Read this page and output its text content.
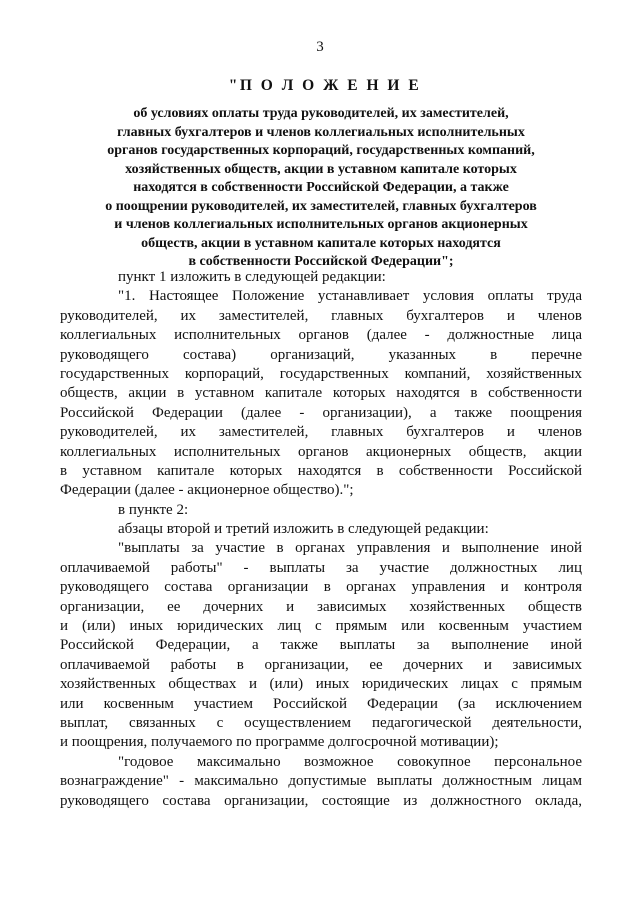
3
"П О Л О Ж Е Н И Е
об условиях оплаты труда руководителей, их заместителей,
главных бухгалтеров и членов коллегиальных исполнительных
органов государственных корпораций, государственных компаний,
хозяйственных обществ, акции в уставном капитале которых
находятся в собственности Российской Федерации, а также
о поощрении руководителей, их заместителей, главных бухгалтеров
и членов коллегиальных исполнительных органов акционерных
обществ, акции в уставном капитале которых находятся
в собственности Российской Федерации";
пункт 1 изложить в следующей редакции:
"1. Настоящее Положение устанавливает условия оплаты труда
руководителей, их заместителей, главных бухгалтеров и членов
коллегиальных исполнительных органов (далее - должностные лица
руководящего состава) организаций, указанных в перечне
государственных корпораций, государственных компаний, хозяйственных
обществ, акции в уставном капитале которых находятся в собственности
Российской Федерации (далее - организации), а также поощрения
руководителей, их заместителей, главных бухгалтеров и членов
коллегиальных исполнительных органов акционерных обществ, акции
в уставном капитале которых находятся в собственности Российской
Федерации (далее - акционерное общество).";
в пункте 2:
абзацы второй и третий изложить в следующей редакции:
"выплаты за участие в органах управления и выполнение иной
оплачиваемой работы" - выплаты за участие должностных лиц
руководящего состава организации в органах управления и контроля
организации, ее дочерних и зависимых хозяйственных обществ
и (или) иных юридических лиц с прямым или косвенным участием
Российской Федерации, а также выплаты за выполнение иной
оплачиваемой работы в организации, ее дочерних и зависимых
хозяйственных обществах и (или) иных юридических лицах с прямым
или косвенным участием Российской Федерации (за исключением
выплат, связанных с осуществлением педагогической деятельности,
и поощрения, получаемого по программе долгосрочной мотивации);
"годовое максимально возможное совокупное персональное
вознаграждение" - максимально допустимые выплаты должностным лицам
руководящего состава организации, состоящие из должностного оклада,
